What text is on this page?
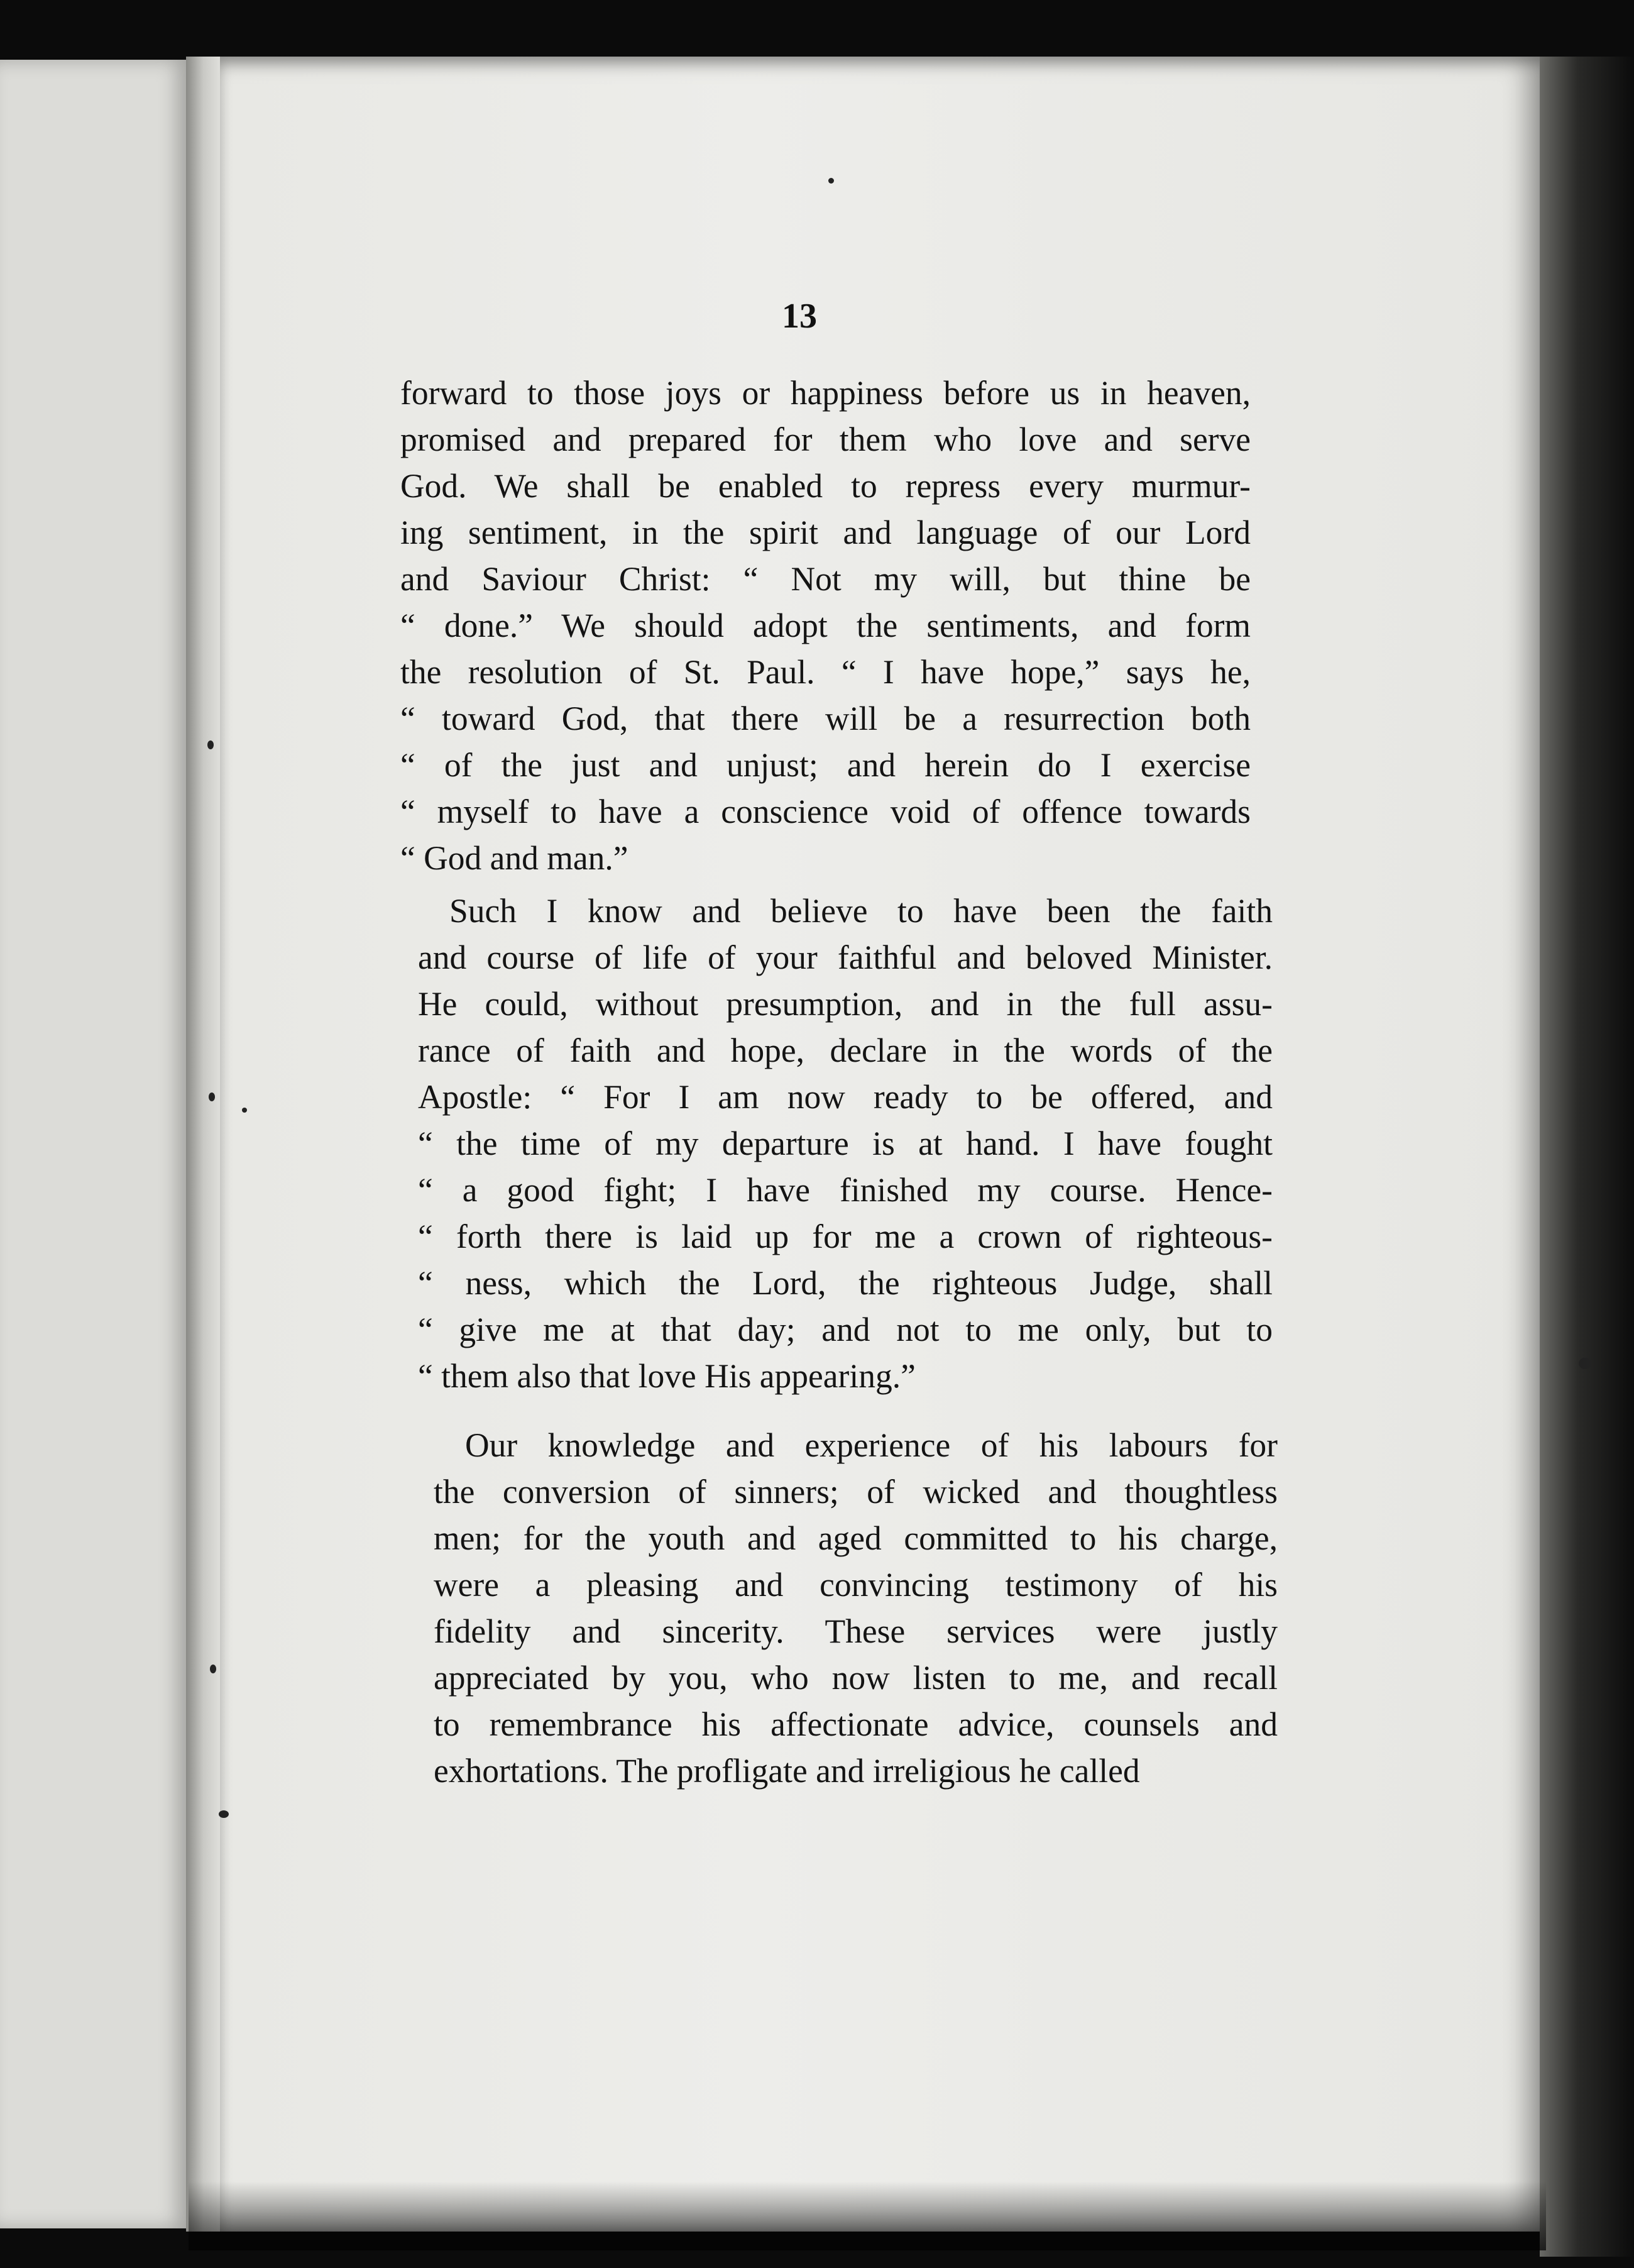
13
forward to those joys or happiness before us in heaven,
promised and prepared for them who love and serve
God. We shall be enabled to repress every murmur-
ing sentiment, in the spirit and language of our Lord
and Saviour Christ: “ Not my will, but thine be
“ done.” We should adopt the sentiments, and form
the resolution of St. Paul. “ I have hope,” says he,
“ toward God, that there will be a resurrection both
“ of the just and unjust; and herein do I exercise
“ myself to have a conscience void of offence towards
“ God and man.”
Such I know and believe to have been the faith
and course of life of your faithful and beloved Minister.
He could, without presumption, and in the full assu-
rance of faith and hope, declare in the words of the
Apostle: “ For I am now ready to be offered, and
“ the time of my departure is at hand. I have fought
“ a good fight; I have finished my course. Hence-
“ forth there is laid up for me a crown of righteous-
“ ness, which the Lord, the righteous Judge, shall
“ give me at that day; and not to me only, but to
“ them also that love His appearing.”
Our knowledge and experience of his labours for
the conversion of sinners; of wicked and thoughtless
men; for the youth and aged committed to his charge,
were a pleasing and convincing testimony of his
fidelity and sincerity. These services were justly
appreciated by you, who now listen to me, and recall
to remembrance his affectionate advice, counsels and
exhortations. The profligate and irreligious he called
